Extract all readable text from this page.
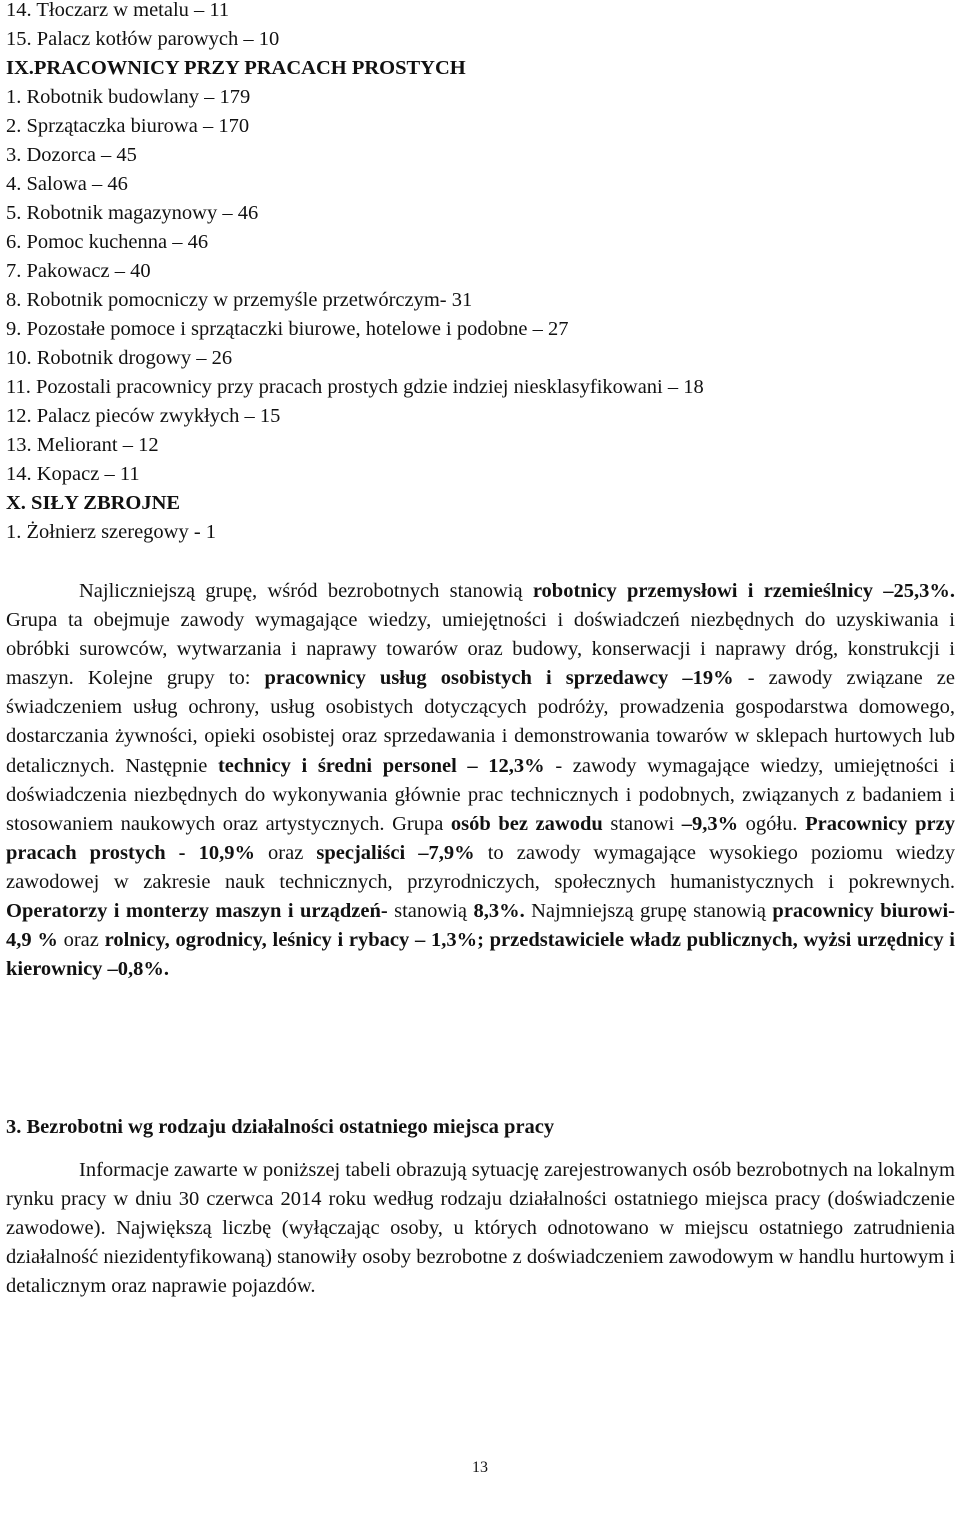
14. Tłoczarz w metalu – 11
15. Palacz kotłów parowych – 10
IX.PRACOWNICY PRZY PRACACH PROSTYCH
1. Robotnik budowlany – 179
2. Sprzątaczka biurowa – 170
3. Dozorca – 45
4. Salowa – 46
5. Robotnik magazynowy – 46
6. Pomoc kuchenna – 46
7. Pakowacz – 40
8. Robotnik pomocniczy w przemyśle przetwórczym- 31
9. Pozostałe pomoce i sprzątaczki biurowe, hotelowe i podobne – 27
10. Robotnik drogowy – 26
11. Pozostali pracownicy przy pracach prostych gdzie indziej niesklasyfikowani – 18
12. Palacz pieców zwykłych – 15
13. Meliorant – 12
14. Kopacz – 11
X. SIŁY ZBROJNE
1. Żołnierz szeregowy - 1

Najliczniejszą grupę, wśród bezrobotnych stanowią robotnicy przemysłowi i rzemieślnicy –25,3%. Grupa ta obejmuje zawody wymagające wiedzy, umiejętności i doświadczeń niezbędnych do uzyskiwania i obróbki surowców, wytwarzania i naprawy towarów oraz budowy, konserwacji i naprawy dróg, konstrukcji i maszyn. Kolejne grupy to: pracownicy usług osobistych i sprzedawcy –19% - zawody związane ze świadczeniem usług ochrony, usług osobistych dotyczących podróży, prowadzenia gospodarstwa domowego, dostarczania żywności, opieki osobistej oraz sprzedawania i demonstrowania towarów w sklepach hurtowych lub detalicznych. Następnie technicy i średni personel – 12,3% - zawody wymagające wiedzy, umiejętności i doświadczenia niezbędnych do wykonywania głównie prac technicznych i podobnych, związanych z badaniem i stosowaniem naukowych oraz artystycznych. Grupa osób bez zawodu stanowi –9,3% ogółu. Pracownicy przy pracach prostych - 10,9% oraz specjaliści –7,9% to zawody wymagające wysokiego poziomu wiedzy zawodowej w zakresie nauk technicznych, przyrodniczych, społecznych humanistycznych i pokrewnych. Operatorzy i monterzy maszyn i urządzeń- stanowią 8,3%. Najmniejszą grupę stanowią pracownicy biurowi- 4,9 % oraz rolnicy, ogrodnicy, leśnicy i rybacy – 1,3%; przedstawiciele władz publicznych, wyżsi urzędnicy i kierownicy –0,8%.

3. Bezrobotni wg rodzaju działalności ostatniego miejsca pracy

Informacje zawarte w poniższej tabeli obrazują sytuację zarejestrowanych osób bezrobotnych na lokalnym rynku pracy w dniu 30 czerwca 2014 roku według rodzaju działalności ostatniego miejsca pracy (doświadczenie zawodowe). Największą liczbę (wyłączając osoby, u których odnotowano w miejscu ostatniego zatrudnienia działalność niezidentyfikowaną) stanowiły osoby bezrobotne z doświadczeniem zawodowym w handlu hurtowym i detalicznym oraz naprawie pojazdów.

13
